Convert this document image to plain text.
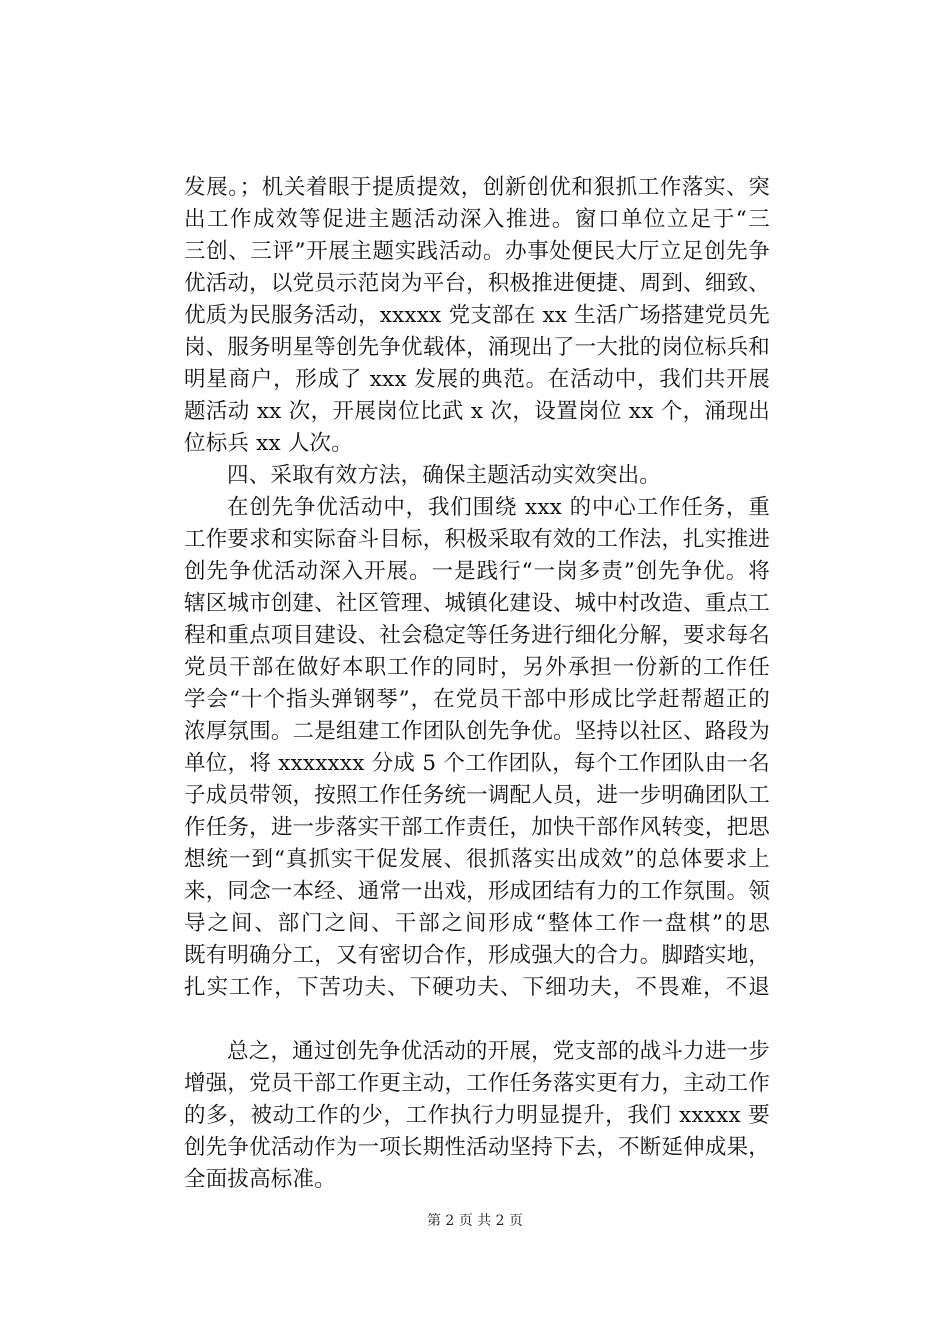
发展。；机关着眼于提质提效，创新创优和狠抓工作落实、突
出工作成效等促进主题活动深入推进。窗口单位立足于“三
三创、三评”开展主题实践活动。办事处便民大厅立足创先争
优活动，以党员示范岗为平台，积极推进便捷、周到、细致、
优质为民服务活动，xxxxx 党支部在 xx 生活广场搭建党员先
岗、服务明星等创先争优载体，涌现出了一大批的岗位标兵和
明星商户，形成了 xxx 发展的典范。在活动中，我们共开展
题活动 xx 次，开展岗位比武 x 次，设置岗位 xx 个，涌现出
位标兵 xx 人次。
四、采取有效方法，确保主题活动实效突出。
在创先争优活动中，我们围绕 xxx 的中心工作任务，重
工作要求和实际奋斗目标，积极采取有效的工作法，扎实推进
创先争优活动深入开展。一是践行“一岗多责”创先争优。将
辖区城市创建、社区管理、城镇化建设、城中村改造、重点工
程和重点项目建设、社会稳定等任务进行细化分解，要求每名
党员干部在做好本职工作的同时，另外承担一份新的工作任
学会“十个指头弹钢琴”，在党员干部中形成比学赶帮超正的
浓厚氛围。二是组建工作团队创先争优。坚持以社区、路段为
单位，将 xxxxxxx 分成 5 个工作团队，每个工作团队由一名
子成员带领，按照工作任务统一调配人员，进一步明确团队工
作任务，进一步落实干部工作责任，加快干部作风转变，把思
想统一到“真抓实干促发展、很抓落实出成效”的总体要求上
来，同念一本经、通常一出戏，形成团结有力的工作氛围。领
导之间、部门之间、干部之间形成“整体工作一盘棋”的思
既有明确分工，又有密切合作，形成强大的合力。脚踏实地，
扎实工作，下苦功夫、下硬功夫、下细功夫，不畏难，不退
总之，通过创先争优活动的开展，党支部的战斗力进一步
增强，党员干部工作更主动，工作任务落实更有力，主动工作
的多，被动工作的少，工作执行力明显提升，我们 xxxxx 要
创先争优活动作为一项长期性活动坚持下去，不断延伸成果，
全面拔高标准。
第 2 页 共 2 页
